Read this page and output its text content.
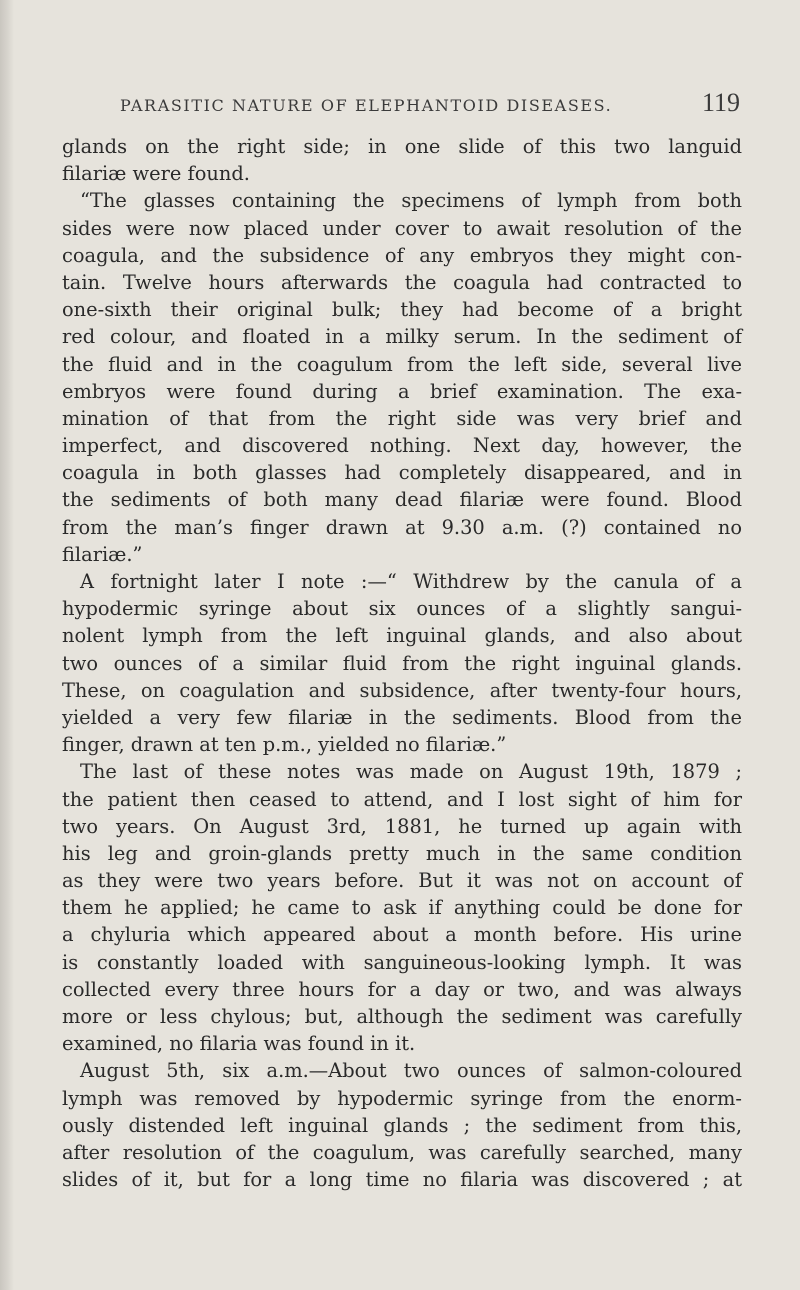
PARASITIC NATURE OF ELEPHANTOID DISEASES.	119
glands on the right side; in one slide of this two languid
filariæ were found.
“The glasses containing the specimens of lymph from both
sides were now placed under cover to await resolution of the
coagula, and the subsidence of any embryos they might con-
tain. Twelve hours afterwards the coagula had contracted to
one-sixth their original bulk; they had become of a bright
red colour, and floated in a milky serum. In the sediment of
the fluid and in the coagulum from the left side, several live
embryos were found during a brief examination. The exa-
mination of that from the right side was very brief and
imperfect, and discovered nothing. Next day, however, the
coagula in both glasses had completely disappeared, and in
the sediments of both many dead filariæ were found. Blood
from the man’s finger drawn at 9.30 a.m. (?) contained no
filariæ.”
A fortnight later I note :—“ Withdrew by the canula of a
hypodermic syringe about six ounces of a slightly sangui-
nolent lymph from the left inguinal glands, and also about
two ounces of a similar fluid from the right inguinal glands.
These, on coagulation and subsidence, after twenty-four hours,
yielded a very few filariæ in the sediments. Blood from the
finger, drawn at ten p.m., yielded no filariæ.”
The last of these notes was made on August 19th, 1879 ;
the patient then ceased to attend, and I lost sight of him for
two years. On August 3rd, 1881, he turned up again with
his leg and groin-glands pretty much in the same condition
as they were two years before. But it was not on account of
them he applied; he came to ask if anything could be done for
a chyluria which appeared about a month before. His urine
is constantly loaded with sanguineous-looking lymph. It was
collected every three hours for a day or two, and was always
more or less chylous; but, although the sediment was carefully
examined, no filaria was found in it.
August 5th, six a.m.—About two ounces of salmon-coloured
lymph was removed by hypodermic syringe from the enorm-
ously distended left inguinal glands ; the sediment from this,
after resolution of the coagulum, was carefully searched, many
slides of it, but for a long time no filaria was discovered ; at
